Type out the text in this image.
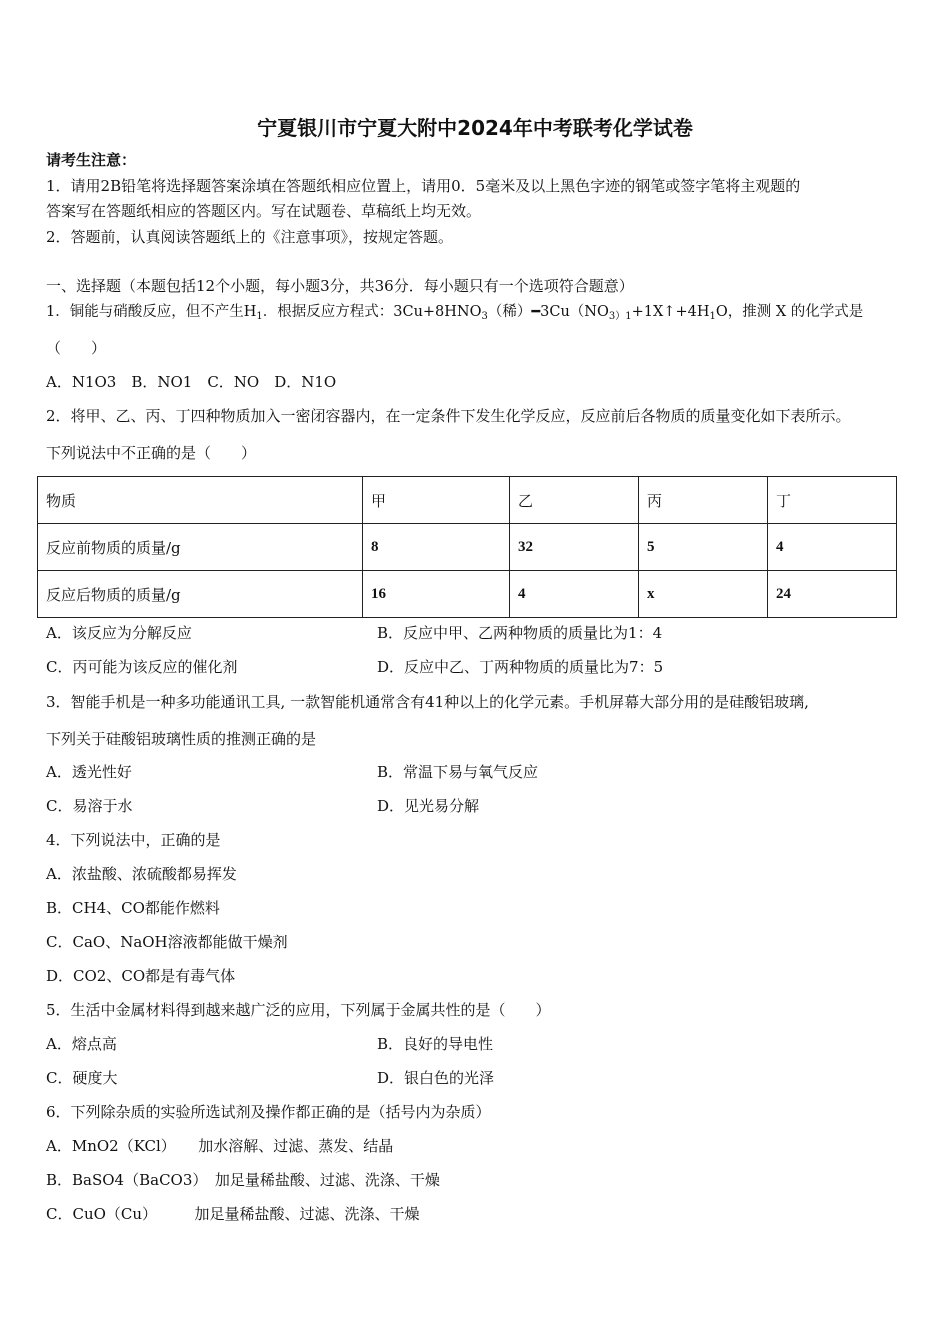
宁夏银川市宁夏大附中2024年中考联考化学试卷
请考生注意：
1．请用2B铅笔将选择题答案涂填在答题纸相应位置上，请用0．5毫米及以上黑色字迹的钢笔或签字笔将主观题的
答案写在答题纸相应的答题区内。写在试题卷、草稿纸上均无效。
2．答题前，认真阅读答题纸上的《注意事项》，按规定答题。
一、选择题（本题包括12个小题，每小题3分，共36分．每小题只有一个选项符合题意）
1．铜能与硝酸反应，但不产生$H_1$．根据反应方程式：$3Cu+8HNO_3$（稀）$━3Cu(NO_{3)1}+1X↑+4H_1O$，推测 X 的化学式是
（　　）
A．N1O3　B．NO1　C．NO　D．N1O
2．将甲、乙、丙、丁四种物质加入一密闭容器内，在一定条件下发生化学反应，反应前后各物质的质量变化如下表所示。
下列说法中不正确的是（　　）
物质	甲	乙	丙	丁
反应前物质的质量/g	8	32	5	4
反应后物质的质量/g	16	4	x	24
A．该反应为分解反应	B．反应中甲、乙两种物质的质量比为1：4
C．丙可能为该反应的催化剂	D．反应中乙、丁两种物质的质量比为7：5
3．智能手机是一种多功能通讯工具, 一款智能机通常含有41种以上的化学元素。手机屏幕大部分用的是硅酸铝玻璃,
下列关于硅酸铝玻璃性质的推测正确的是
A．透光性好	B．常温下易与氧气反应
C．易溶于水	D．见光易分解
4．下列说法中，正确的是
A．浓盐酸、浓硫酸都易挥发
B．CH4、CO都能作燃料
C．CaO、NaOH溶液都能做干燥剂
D．CO2、CO都是有毒气体
5．生活中金属材料得到越来越广泛的应用，下列属于金属共性的是（　　）
A．熔点高	B．良好的导电性
C．硬度大	D．银白色的光泽
6．下列除杂质的实验所选试剂及操作都正确的是（括号内为杂质）
A．MnO2（KCl）　　加水溶解、过滤、蒸发、结晶
B．BaSO4（BaCO3）　加足量稀盐酸、过滤、洗涤、干燥
C．CuO（Cu）　　　加足量稀盐酸、过滤、洗涤、干燥
